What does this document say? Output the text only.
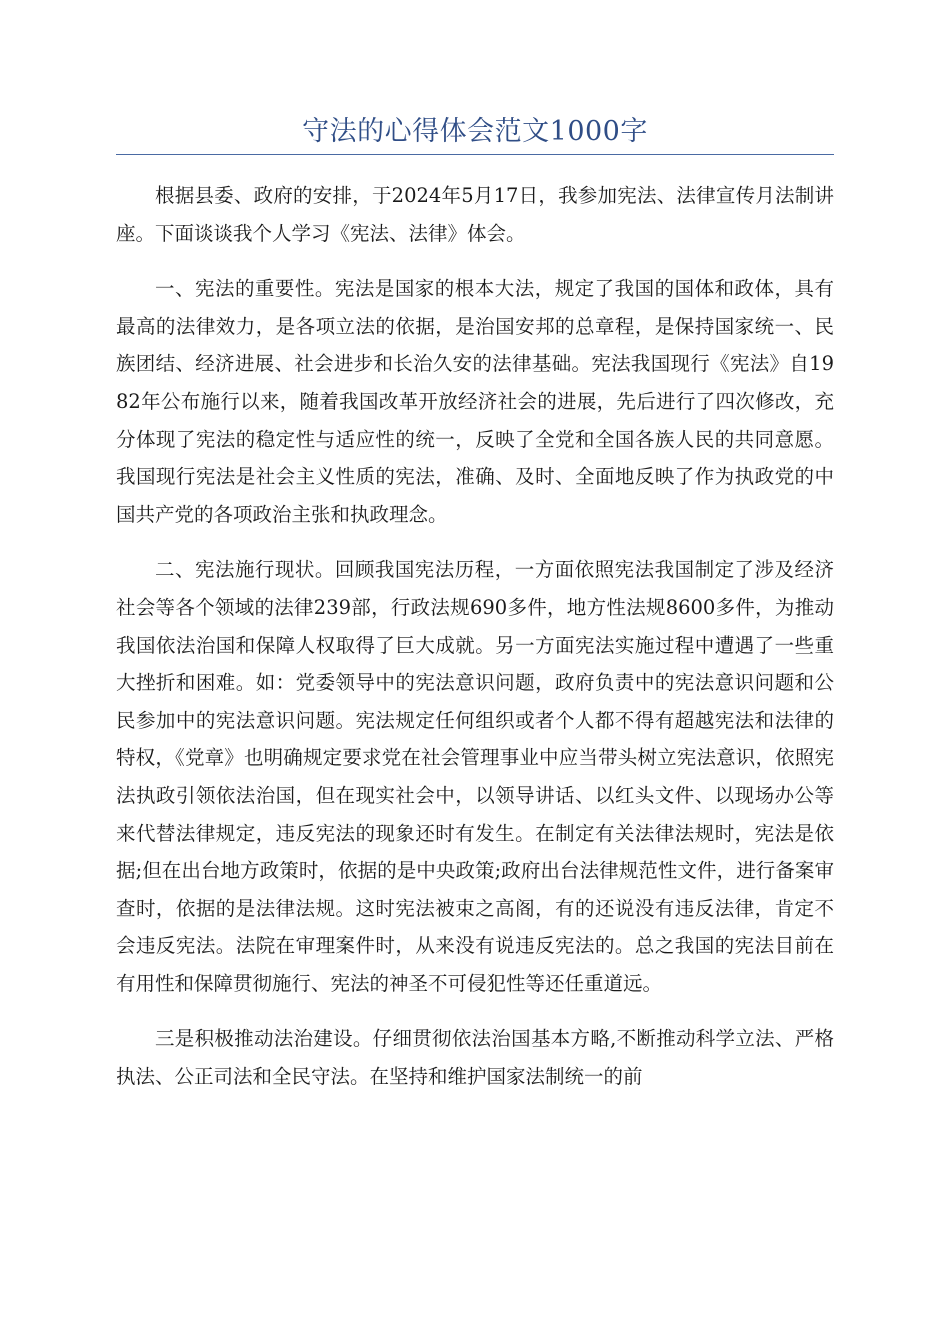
守法的心得体会范文1000字

根据县委、政府的安排，于2024年5月17日，我参加宪法、法律宣传月法制讲座。下面谈谈我个人学习《宪法、法律》体会。

一、宪法的重要性。宪法是国家的根本大法，规定了我国的国体和政体，具有最高的法律效力，是各项立法的依据，是治国安邦的总章程，是保持国家统一、民族团结、经济进展、社会进步和长治久安的法律基础。宪法我国现行《宪法》自1982年公布施行以来，随着我国改革开放经济社会的进展，先后进行了四次修改，充分体现了宪法的稳定性与适应性的统一，反映了全党和全国各族人民的共同意愿。我国现行宪法是社会主义性质的宪法，准确、及时、全面地反映了作为执政党的中国共产党的各项政治主张和执政理念。

二、宪法施行现状。回顾我国宪法历程，一方面依照宪法我国制定了涉及经济社会等各个领域的法律239部，行政法规690多件，地方性法规8600多件，为推动我国依法治国和保障人权取得了巨大成就。另一方面宪法实施过程中遭遇了一些重大挫折和困难。如：党委领导中的宪法意识问题，政府负责中的宪法意识问题和公民参加中的宪法意识问题。宪法规定任何组织或者个人都不得有超越宪法和法律的特权，《党章》也明确规定要求党在社会管理事业中应当带头树立宪法意识，依照宪法执政引领依法治国，但在现实社会中，以领导讲话、以红头文件、以现场办公等来代替法律规定，违反宪法的现象还时有发生。在制定有关法律法规时，宪法是依据;但在出台地方政策时，依据的是中央政策;政府出台法律规范性文件，进行备案审查时，依据的是法律法规。这时宪法被束之高阁，有的还说没有违反法律，肯定不会违反宪法。法院在审理案件时，从来没有说违反宪法的。总之我国的宪法目前在有用性和保障贯彻施行、宪法的神圣不可侵犯性等还任重道远。

三是积极推动法治建设。仔细贯彻依法治国基本方略,不断推动科学立法、严格执法、公正司法和全民守法。在坚持和维护国家法制统一的前
